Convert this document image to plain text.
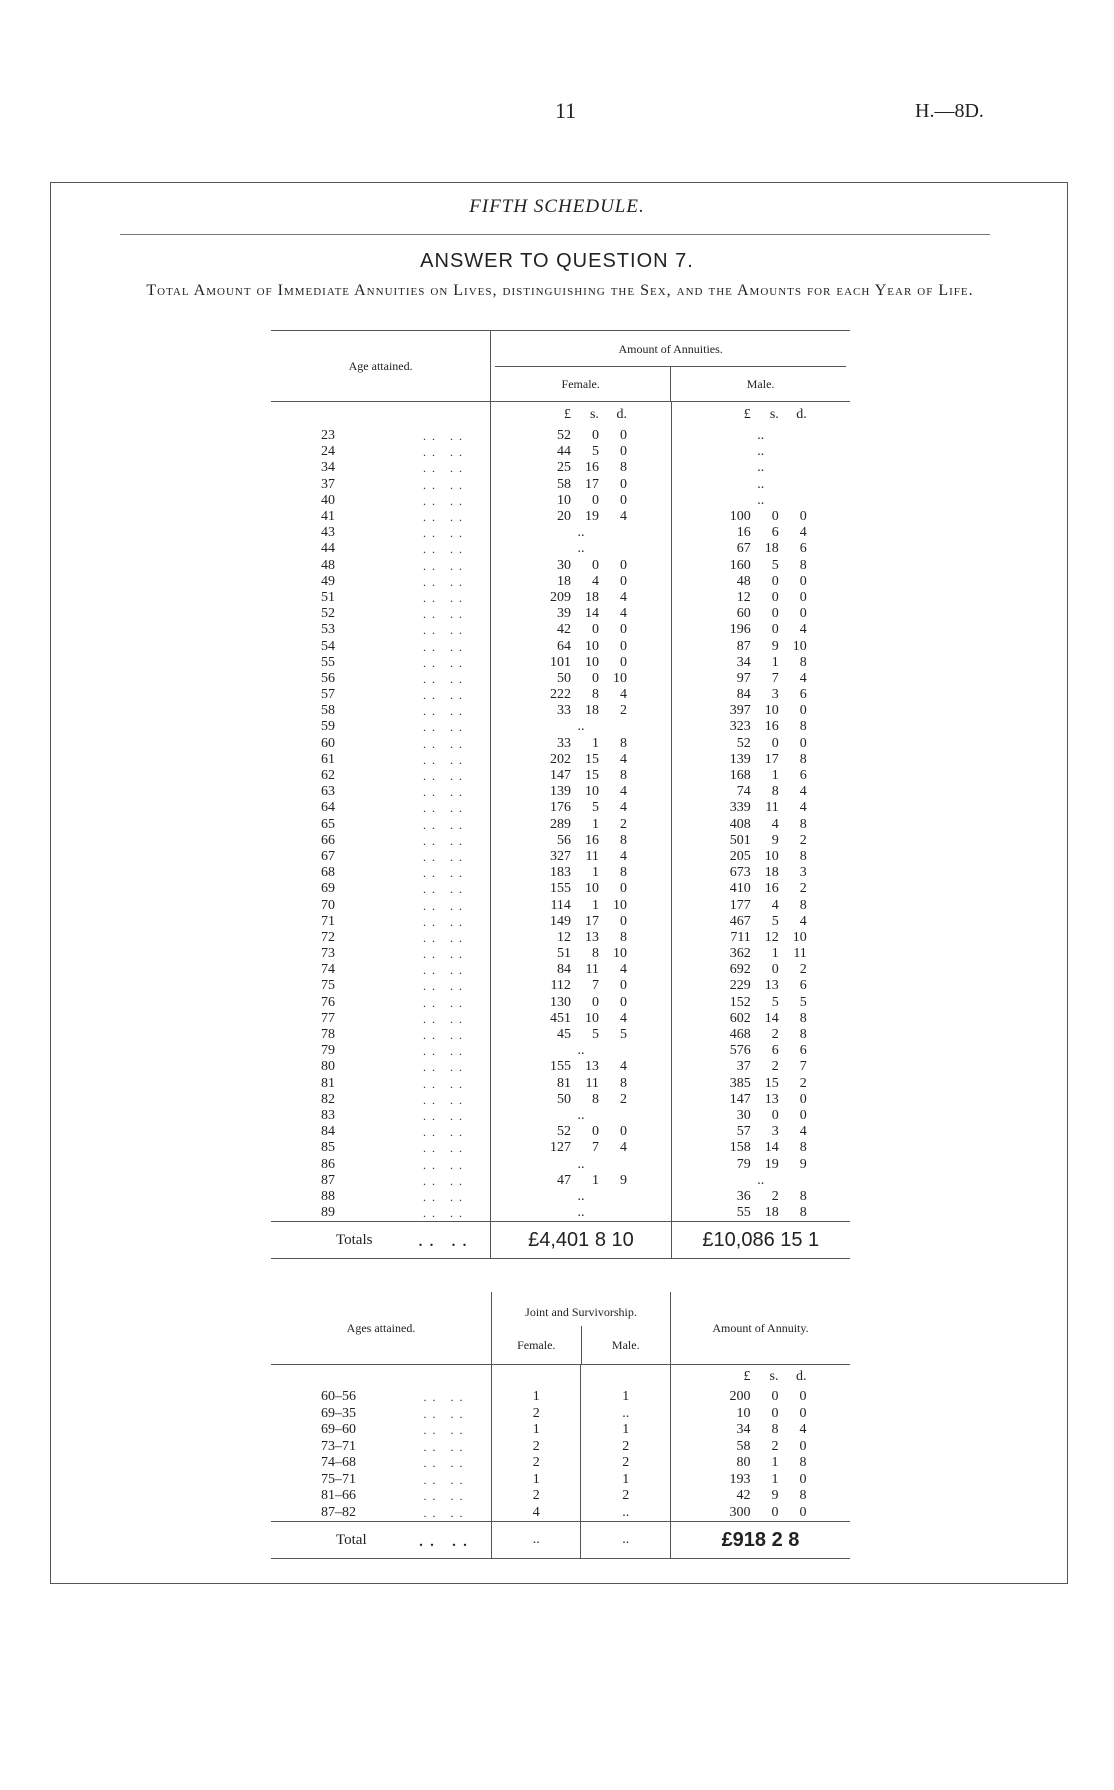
11	H.—8D.
FIFTH SCHEDULE.
ANSWER TO QUESTION 7.
Total Amount of Immediate Annuities on Lives, distinguishing the Sex, and the Amounts for each Year of Life.
Age attained.		Amount of Annuities.
Female. Male.	

		£ s. d.	£ s. d.

23	.. ..	52 0 0	..

24	.. ..	44 5 0	..

34	.. ..	25 16 8	..

37	.. ..	58 17 0	..

40	.. ..	10 0 0	..

41	.. ..	20 19 4	100 0 0

43	.. ..	..	16 6 4

44	.. ..	..	67 18 6

48	.. ..	30 0 0	160 5 8

49	.. ..	18 4 0	48 0 0

51	.. ..	209 18 4	12 0 0

52	.. ..	39 14 4	60 0 0

53	.. ..	42 0 0	196 0 4

54	.. ..	64 10 0	87 9 10

55	.. ..	101 10 0	34 1 8

56	.. ..	50 0 10	97 7 4

57	.. ..	222 8 4	84 3 6

58	.. ..	33 18 2	397 10 0

59	.. ..	..	323 16 8

60	.. ..	33 1 8	52 0 0

61	.. ..	202 15 4	139 17 8

62	.. ..	147 15 8	168 1 6

63	.. ..	139 10 4	74 8 4

64	.. ..	176 5 4	339 11 4

65	.. ..	289 1 2	408 4 8

66	.. ..	56 16 8	501 9 2

67	.. ..	327 11 4	205 10 8

68	.. ..	183 1 8	673 18 3

69	.. ..	155 10 0	410 16 2

70	.. ..	114 1 10	177 4 8

71	.. ..	149 17 0	467 5 4

72	.. ..	12 13 8	711 12 10

73	.. ..	51 8 10	362 1 11

74	.. ..	84 11 4	692 0 2

75	.. ..	112 7 0	229 13 6

76	.. ..	130 0 0	152 5 5

77	.. ..	451 10 4	602 14 8

78	.. ..	45 5 5	468 2 8

79	.. ..	..	576 6 6

80	.. ..	155 13 4	37 2 7

81	.. ..	81 11 8	385 15 2

82	.. ..	50 8 2	147 13 0

83	.. ..	..	30 0 0

84	.. ..	52 0 0	57 3 4

85	.. ..	127 7 4	158 14 8

86	.. ..	..	79 19 9

87	.. ..	47 1 9	..

88	.. ..	..	36 2 8

89	.. ..	..	55 18 8

Totals	.. ..	£4,401 8 10	£10,086 15 1
Ages attained.		Joint and Survivorship.
Female. Male.		Amount of Annuity.

				£ s. d.

60–56	.. ..	1	1	200 0 0

69–35	.. ..	2	..	10 0 0

69–60	.. ..	1	1	34 8 4

73–71	.. ..	2	2	58 2 0

74–68	.. ..	2	2	80 1 8

75–71	.. ..	1	1	193 1 0

81–66	.. ..	2	2	42 9 8

87–82	.. ..	4	..	300 0 0

Total	.. ..	..	..	£918 2 8
